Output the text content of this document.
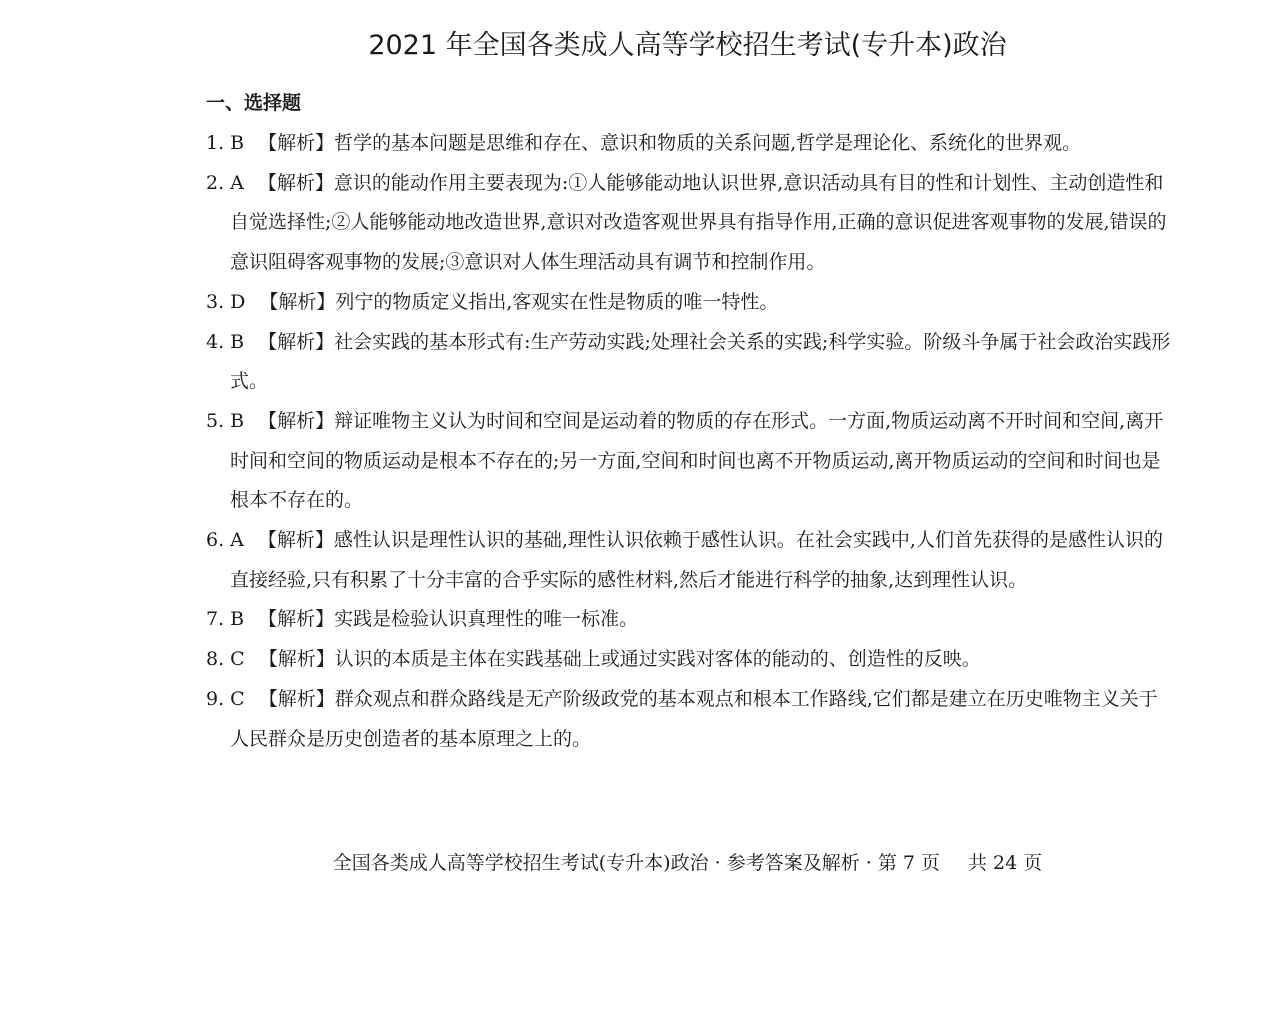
2021 年全国各类成人高等学校招生考试(专升本)政治
一、选择题
1. B 【解析】哲学的基本问题是思维和存在、意识和物质的关系问题,哲学是理论化、系统化的世界观。
2. A 【解析】意识的能动作用主要表现为:①人能够能动地认识世界,意识活动具有目的性和计划性、主动创造性和自觉选择性;②人能够能动地改造世界,意识对改造客观世界具有指导作用,正确的意识促进客观事物的发展,错误的意识阻碍客观事物的发展;③意识对人体生理活动具有调节和控制作用。
3. D 【解析】列宁的物质定义指出,客观实在性是物质的唯一特性。
4. B 【解析】社会实践的基本形式有:生产劳动实践;处理社会关系的实践;科学实验。阶级斗争属于社会政治实践形式。
5. B 【解析】辩证唯物主义认为时间和空间是运动着的物质的存在形式。一方面,物质运动离不开时间和空间,离开时间和空间的物质运动是根本不存在的;另一方面,空间和时间也离不开物质运动,离开物质运动的空间和时间也是根本不存在的。
6. A 【解析】感性认识是理性认识的基础,理性认识依赖于感性认识。在社会实践中,人们首先获得的是感性认识的直接经验,只有积累了十分丰富的合乎实际的感性材料,然后才能进行科学的抽象,达到理性认识。
7. B 【解析】实践是检验认识真理性的唯一标准。
8. C 【解析】认识的本质是主体在实践基础上或通过实践对客体的能动的、创造性的反映。
9. C 【解析】群众观点和群众路线是无产阶级政党的基本观点和根本工作路线,它们都是建立在历史唯物主义关于人民群众是历史创造者的基本原理之上的。
全国各类成人高等学校招生考试(专升本)政治 · 参考答案及解析 · 第 7 页 共 24 页
